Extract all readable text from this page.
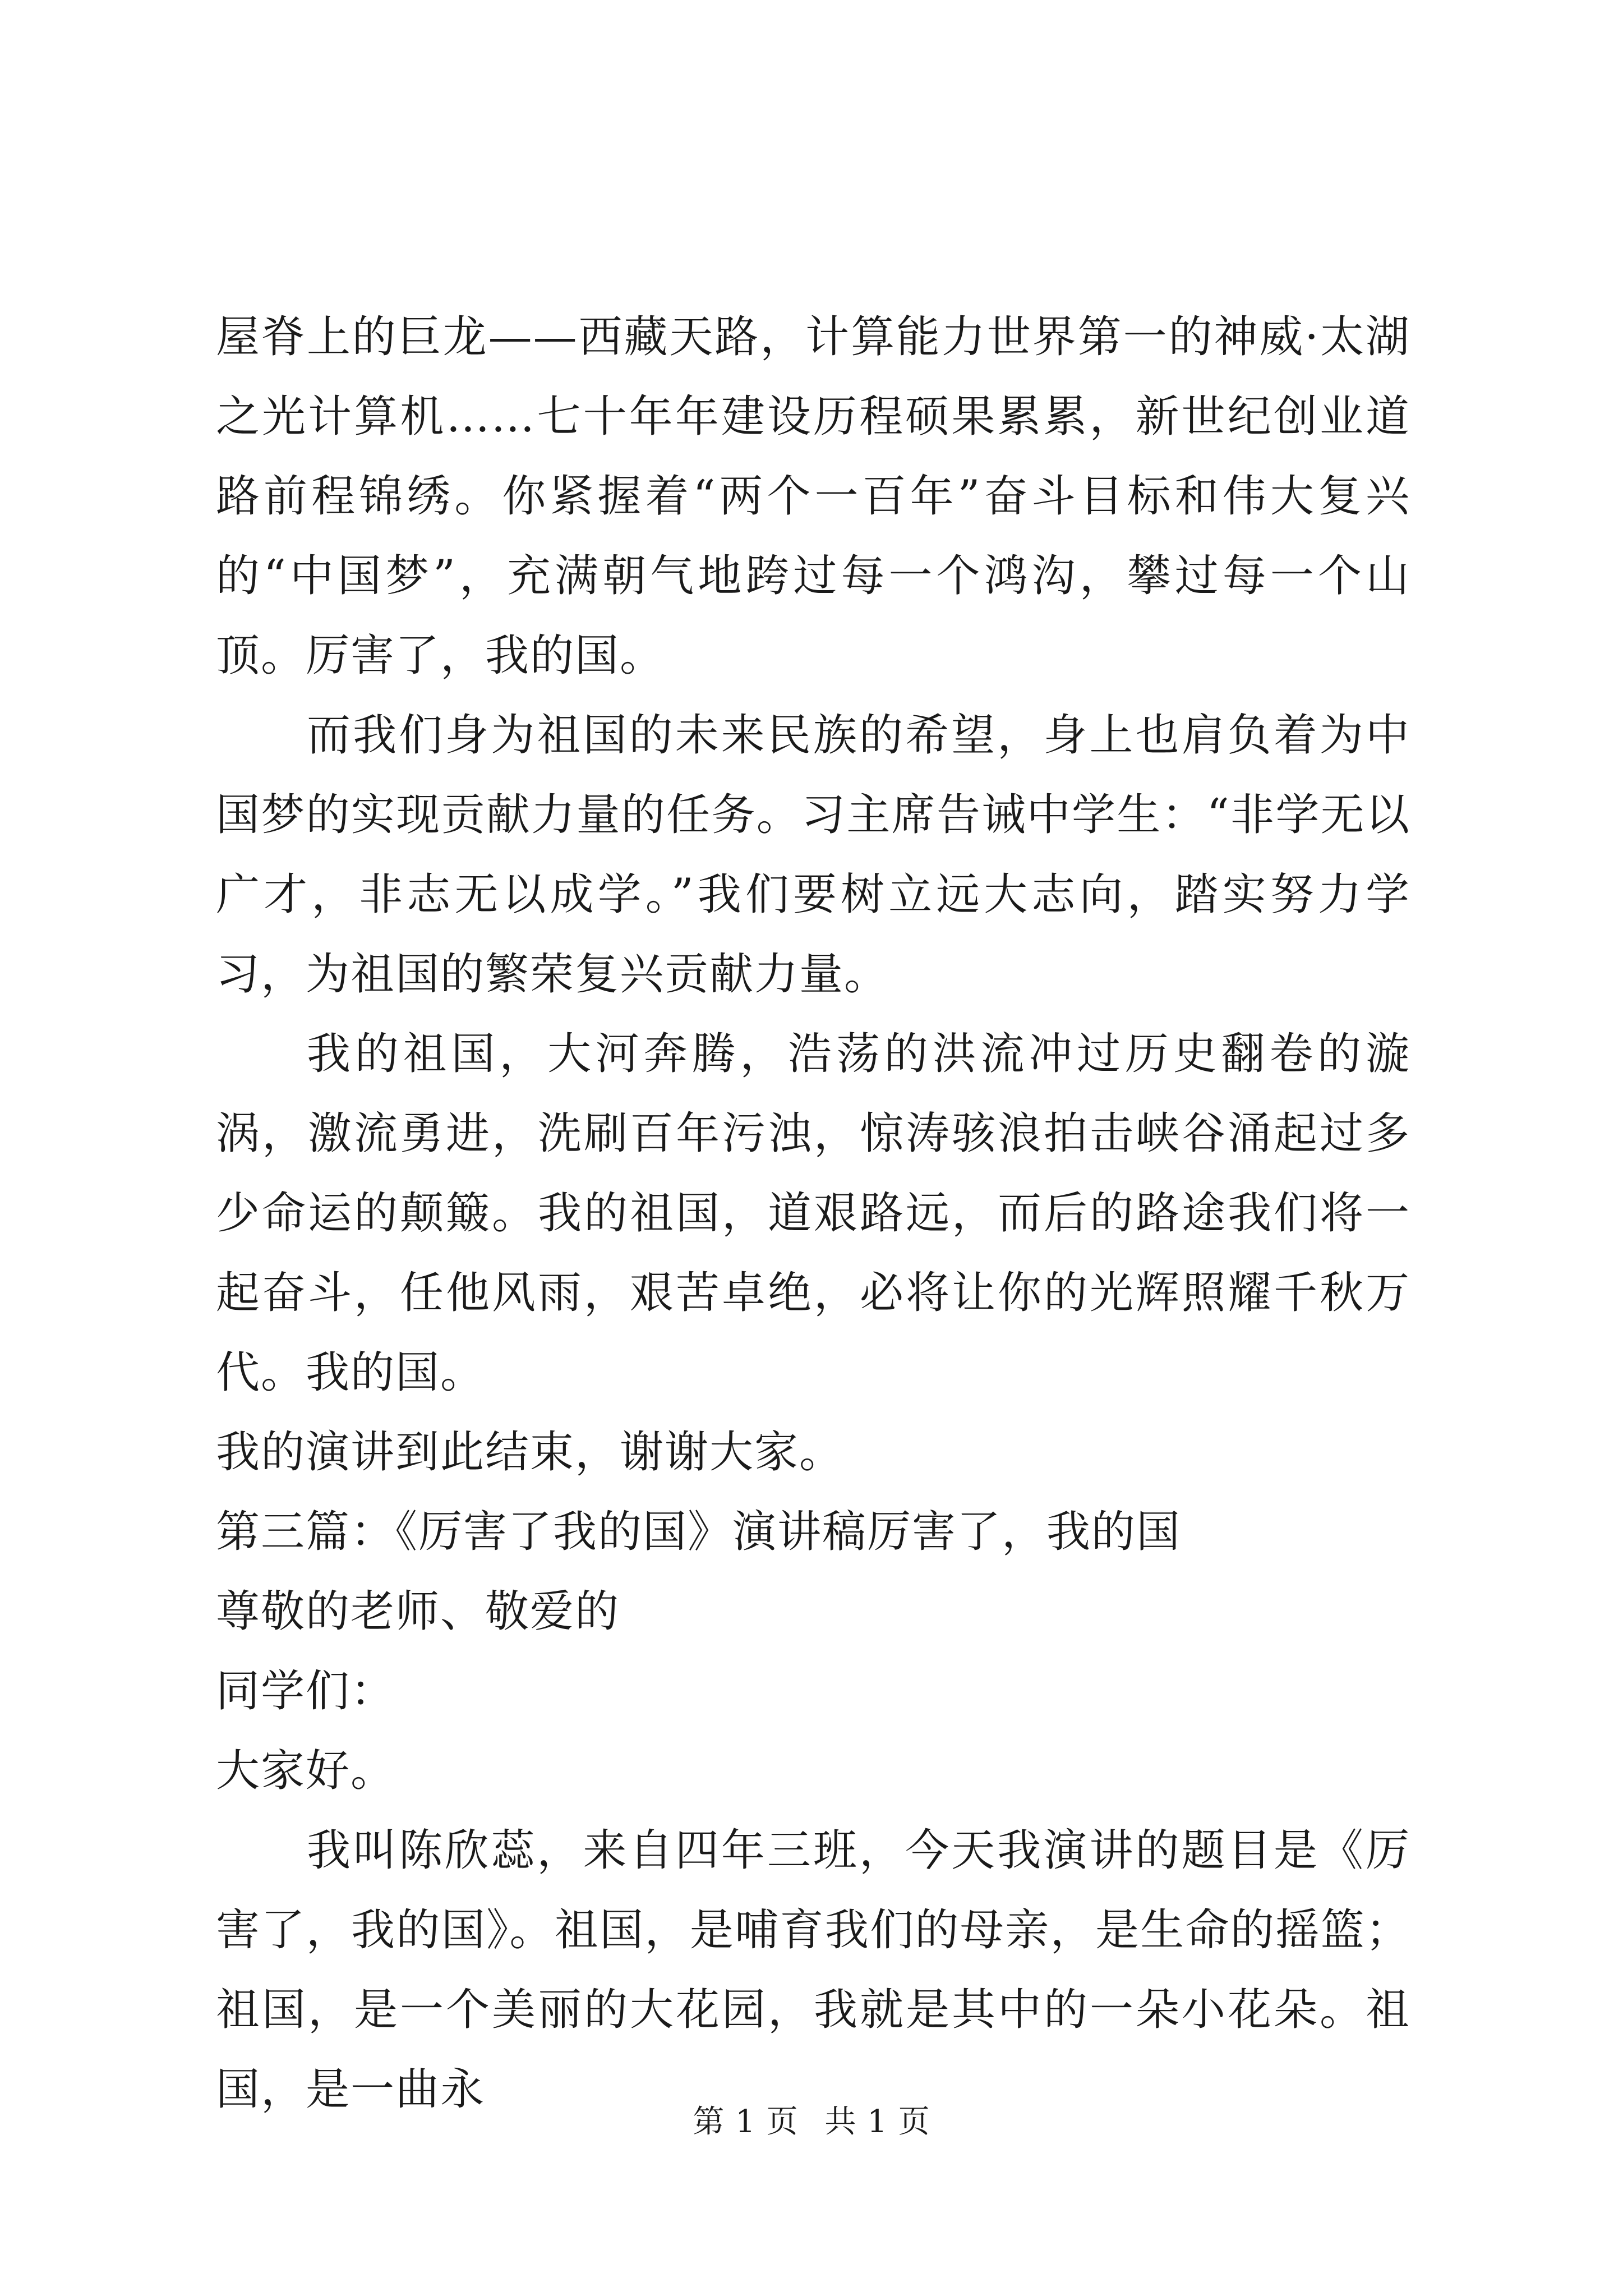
屋脊上的巨龙——西藏天路，计算能力世界第一的神威·太湖之光计算机……七十年年建设历程硕果累累，新世纪创业道路前程锦绣。你紧握着“两个一百年”奋斗目标和伟大复兴的“中国梦”，充满朝气地跨过每一个鸿沟，攀过每一个山顶。厉害了，我的国。

而我们身为祖国的未来民族的希望，身上也肩负着为中国梦的实现贡献力量的任务。习主席告诫中学生：“非学无以广才，非志无以成学。”我们要树立远大志向，踏实努力学习，为祖国的繁荣复兴贡献力量。

我的祖国，大河奔腾，浩荡的洪流冲过历史翻卷的漩涡，激流勇进，洗刷百年污浊，惊涛骇浪拍击峡谷涌起过多少命运的颠簸。我的祖国，道艰路远，而后的路途我们将一起奋斗，任他风雨，艰苦卓绝，必将让你的光辉照耀千秋万代。我的国。

我的演讲到此结束，谢谢大家。

第三篇：《厉害了我的国》演讲稿厉害了，我的国

尊敬的老师、敬爱的

同学们：

大家好。

我叫陈欣蕊，来自四年三班，今天我演讲的题目是《厉害了，我的国》。祖国，是哺育我们的母亲，是生命的摇篮；祖国，是一个美丽的大花园，我就是其中的一朵小花朵。祖国，是一曲永

第 1 页 共 1 页
